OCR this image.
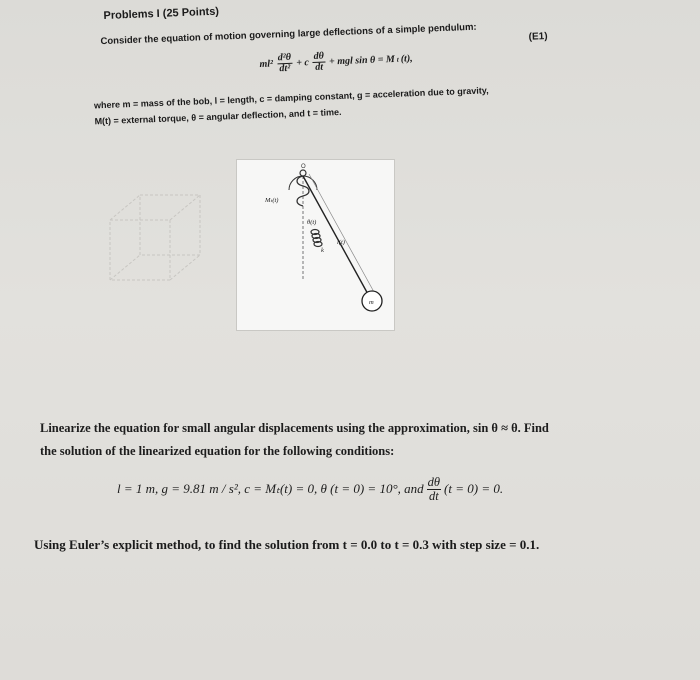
Problems I (25 Points)
Consider the equation of motion governing large deflections of a simple pendulum:	(E1)
$ml^2 \frac{\text{d²θ}}{\text{dt²}} + c \frac{d\theta}{dt}$ + mgl sin θ = M t (t),
where m = mass of the bob, l = length, c = damping constant, g = acceleration due to gravity,
M(t) = external torque, θ = angular deflection, and t = time.
O
Mₜ(t)
θ(t)
k
l(t)
m
Linearize the equation for small angular displacements using the approximation, sin θ ≈ θ. Find
the solution of the linearized equation for the following conditions:
l = 1 m, g = 9.81 m / s², c = Mₜ(t) = 0, θ (t = 0) = 10°, and $\frac{d\theta}{dt} (t = 0) = 0$.
Using Euler’s explicit method, to find the solution from t = 0.0 to t = 0.3 with step size = 0.1.
